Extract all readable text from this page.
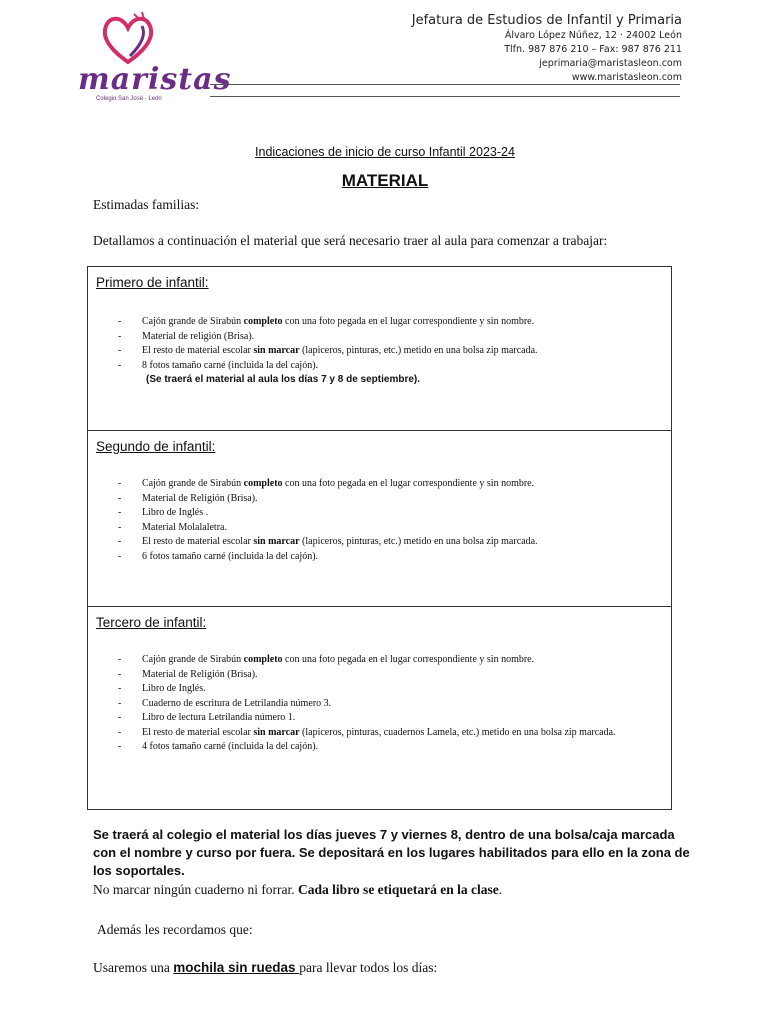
maristas
Colegio San José · León
Jefatura de Estudios de Infantil y Primaria
Álvaro López Núñez, 12 · 24002 León
Tlfn. 987 876 210 – Fax: 987 876 211
jeprimaria@maristasleon.com
www.maristasleon.com
Indicaciones de inicio de curso Infantil 2023-24
MATERIAL
Estimadas familias:
Detallamos a continuación el material que será necesario traer al aula para comenzar a trabajar:
Primero de infantil:
- Cajón grande de Sirabún completo con una foto pegada en el lugar correspondiente y sin nombre.
- Material de religión (Brisa).
- El resto de material escolar sin marcar (lapiceros, pinturas, etc.) metido en una bolsa zip marcada.
- 8 fotos tamaño carné (incluida la del cajón).
(Se traerá el material al aula los días 7 y 8 de septiembre).
Segundo de infantil:
- Cajón grande de Sirabún completo con una foto pegada en el lugar correspondiente y sin nombre.
- Material de Religión (Brisa).
- Libro de Inglés .
- Material Molalaletra.
- El resto de material escolar sin marcar (lapiceros, pinturas, etc.) metido en una bolsa zip marcada.
- 6 fotos tamaño carné (incluida la del cajón).
Tercero de infantil:
- Cajón grande de Sirabún completo con una foto pegada en el lugar correspondiente y sin nombre.
- Material de Religión (Brisa).
- Libro de Inglés.
- Cuaderno de escritura de Letrilandia número 3.
- Libro de lectura Letrilandia número 1.
- El resto de material escolar sin marcar (lapiceros, pinturas, cuadernos Lamela, etc.) metido en una bolsa zip marcada.
- 4 fotos tamaño carné (incluida la del cajón).
Se traerá al colegio el material los días jueves 7 y viernes 8, dentro de una bolsa/caja marcada con el nombre y curso por fuera. Se depositará en los lugares habilitados para ello en la zona de los soportales.
No marcar ningún cuaderno ni forrar. Cada libro se etiquetará en la clase.
Además les recordamos que:
Usaremos una mochila sin ruedas para llevar todos los días:
